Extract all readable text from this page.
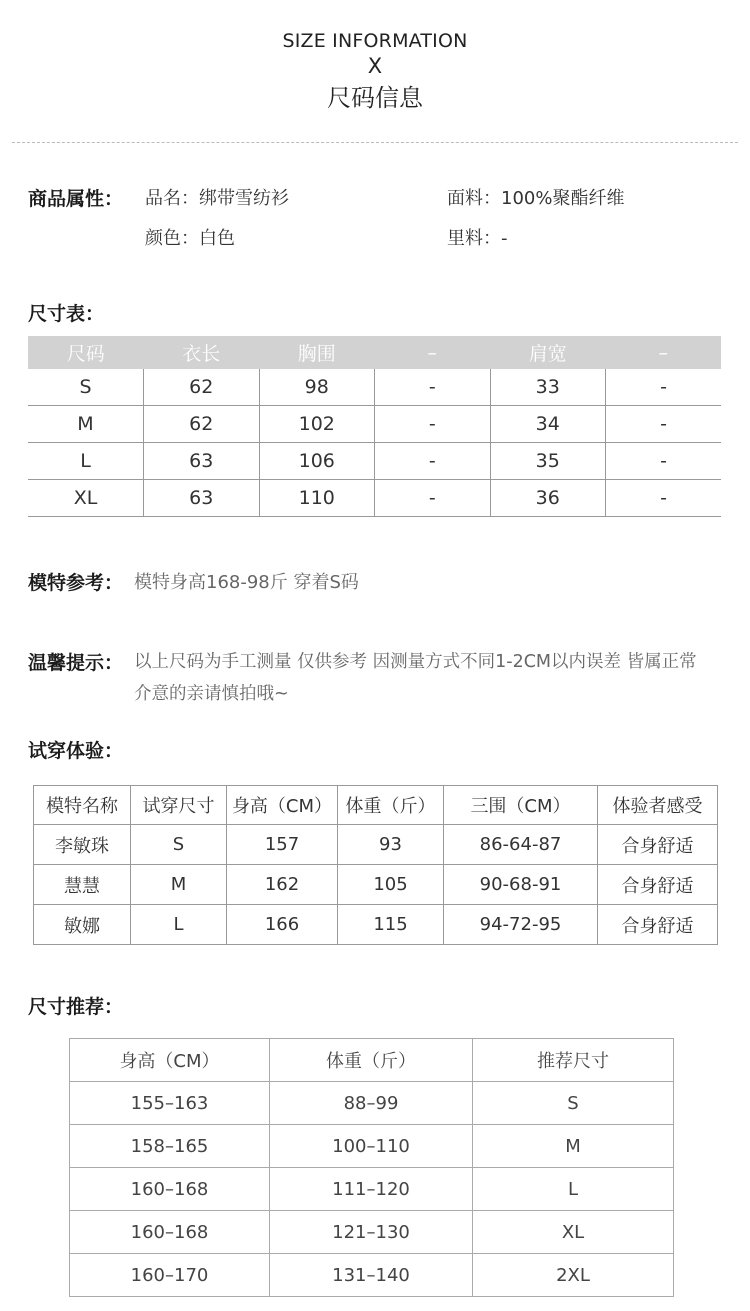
SIZE INFORMATION
X
尺码信息
商品属性： 品名：绑带雪纺衫	面料：100%聚酯纤维
颜色：白色	里料：-
尺寸表：
尺码	衣长	胸围	–	肩宽	–
S	62	98	-	33	-
M	62	102	-	34	-
L	63	106	-	35	-
XL	63	110	-	36	-
模特参考： 模特身高168-98斤 穿着S码
温馨提示： 以上尺码为手工测量 仅供参考 因测量方式不同1-2CM以内误差 皆属正常
介意的亲请慎拍哦~
试穿体验：
模特名称	试穿尺寸	身高（CM）	体重（斤）	三围（CM）	体验者感受
李敏珠	S	157	93	86-64-87	合身舒适
慧慧	M	162	105	90-68-91	合身舒适
敏娜	L	166	115	94-72-95	合身舒适
尺寸推荐：
身高（CM）	体重（斤）	推荐尺寸
155–163	88–99	S
158–165	100–110	M
160–168	111–120	L
160–168	121–130	XL
160–170	131–140	2XL
